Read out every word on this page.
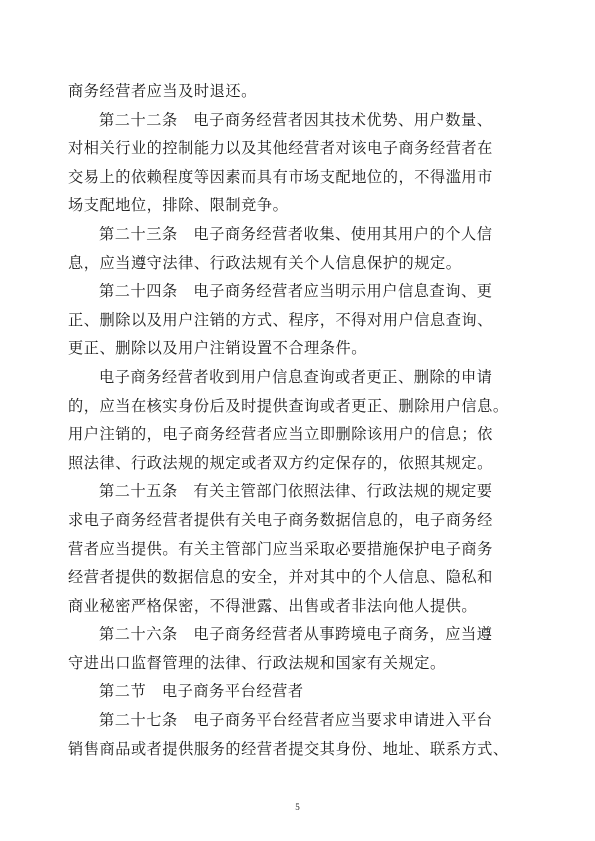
商务经营者应当及时退还。
第二十二条　电子商务经营者因其技术优势、用户数量、
对相关行业的控制能力以及其他经营者对该电子商务经营者在
交易上的依赖程度等因素而具有市场支配地位的，不得滥用市
场支配地位，排除、限制竞争。
第二十三条　电子商务经营者收集、使用其用户的个人信
息，应当遵守法律、行政法规有关个人信息保护的规定。
第二十四条　电子商务经营者应当明示用户信息查询、更
正、删除以及用户注销的方式、程序，不得对用户信息查询、
更正、删除以及用户注销设置不合理条件。
电子商务经营者收到用户信息查询或者更正、删除的申请
的，应当在核实身份后及时提供查询或者更正、删除用户信息。
用户注销的，电子商务经营者应当立即删除该用户的信息；依
照法律、行政法规的规定或者双方约定保存的，依照其规定。
第二十五条　有关主管部门依照法律、行政法规的规定要
求电子商务经营者提供有关电子商务数据信息的，电子商务经
营者应当提供。有关主管部门应当采取必要措施保护电子商务
经营者提供的数据信息的安全，并对其中的个人信息、隐私和
商业秘密严格保密，不得泄露、出售或者非法向他人提供。
第二十六条　电子商务经营者从事跨境电子商务，应当遵
守进出口监督管理的法律、行政法规和国家有关规定。
第二节　电子商务平台经营者
第二十七条　电子商务平台经营者应当要求申请进入平台
销售商品或者提供服务的经营者提交其身份、地址、联系方式、
5
